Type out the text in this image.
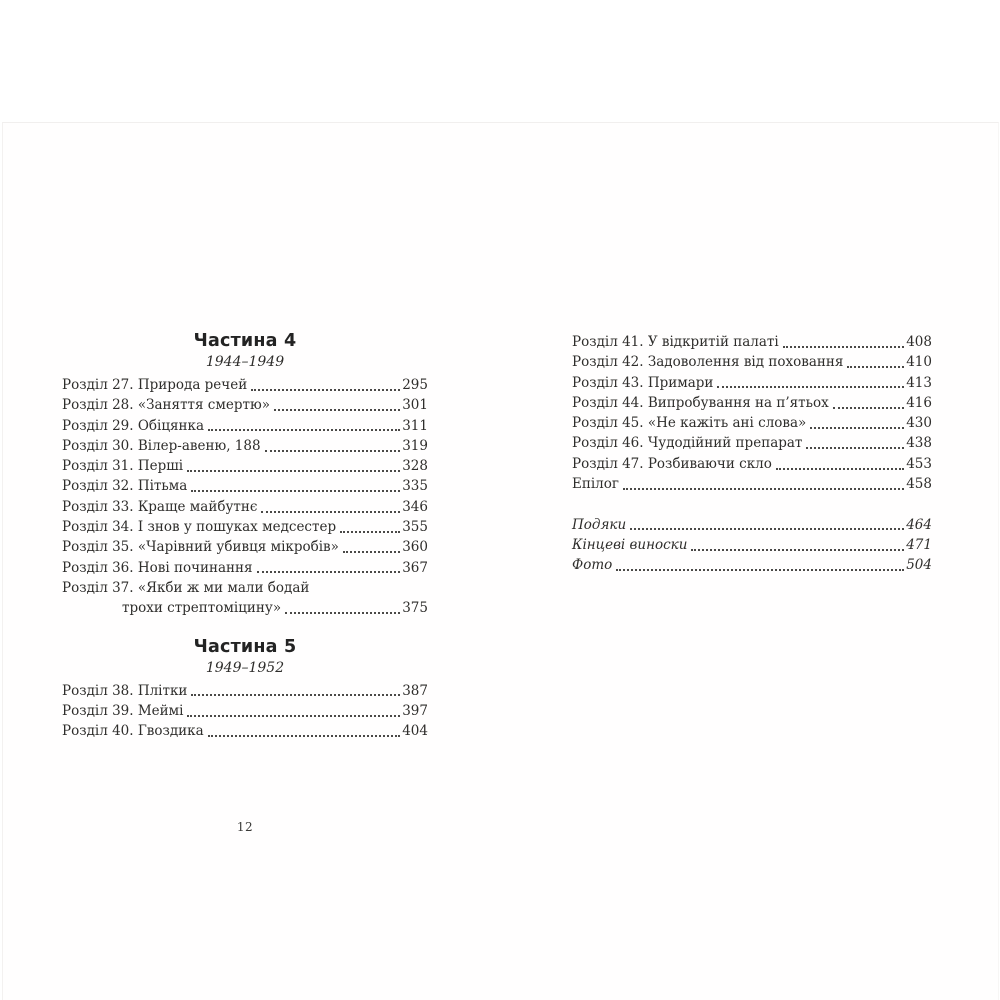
Частина 4
1944–1949
Розділ 27. Природа речей	295
Розділ 28. «Заняття смертю»	301
Розділ 29. Обіцянка	311
Розділ 30. Вілер-авеню, 188	319
Розділ 31. Перші	328
Розділ 32. Пітьма	335
Розділ 33. Краще майбутнє	346
Розділ 34. І знов у пошуках медсестер	355
Розділ 35. «Чарівний убивця мікробів»	360
Розділ 36. Нові починання	367
Розділ 37. «Якби ж ми мали бодай
трохи стрептоміцину»	375
Частина 5
1949–1952
Розділ 38. Плітки	387
Розділ 39. Меймі	397
Розділ 40. Гвоздика	404
Розділ 41. У відкритій палаті	408
Розділ 42. Задоволення від поховання	410
Розділ 43. Примари	413
Розділ 44. Випробування на п’ятьох	416
Розділ 45. «Не кажіть ані слова»	430
Розділ 46. Чудодійний препарат	438
Розділ 47. Розбиваючи скло	453
Епілог	458
Подяки	464
Кінцеві виноски	471
Фото	504
12
